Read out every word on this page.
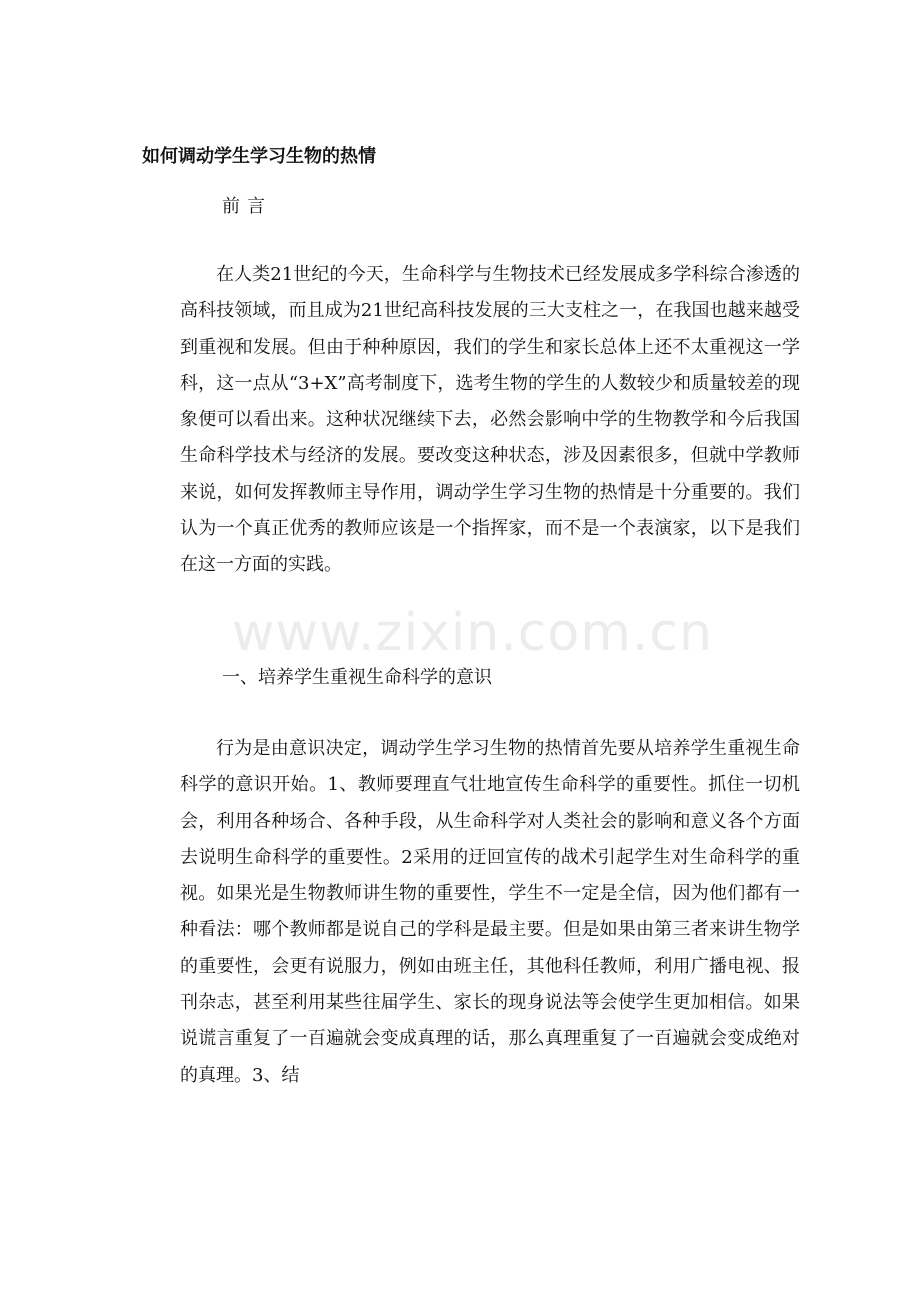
如何调动学生学习生物的热情

前言

在人类21世纪的今天，生命科学与生物技术已经发展成多学科综合渗透的高科技领域，而且成为21世纪高科技发展的三大支柱之一，在我国也越来越受到重视和发展。但由于种种原因，我们的学生和家长总体上还不太重视这一学科，这一点从“3+X”高考制度下，选考生物的学生的人数较少和质量较差的现象便可以看出来。这种状况继续下去，必然会影响中学的生物教学和今后我国生命科学技术与经济的发展。要改变这种状态，涉及因素很多，但就中学教师来说，如何发挥教师主导作用，调动学生学习生物的热情是十分重要的。我们认为一个真正优秀的教师应该是一个指挥家，而不是一个表演家，以下是我们在这一方面的实践。

www.zixin.com.cn

一、培养学生重视生命科学的意识

行为是由意识决定，调动学生学习生物的热情首先要从培养学生重视生命科学的意识开始。1、教师要理直气壮地宣传生命科学的重要性。抓住一切机会，利用各种场合、各种手段，从生命科学对人类社会的影响和意义各个方面去说明生命科学的重要性。2采用的迂回宣传的战术引起学生对生命科学的重视。如果光是生物教师讲生物的重要性，学生不一定是全信，因为他们都有一种看法：哪个教师都是说自己的学科是最主要。但是如果由第三者来讲生物学的重要性，会更有说服力，例如由班主任，其他科任教师，利用广播电视、报刊杂志，甚至利用某些往届学生、家长的现身说法等会使学生更加相信。如果说谎言重复了一百遍就会变成真理的话，那么真理重复了一百遍就会变成绝对的真理。3、结
